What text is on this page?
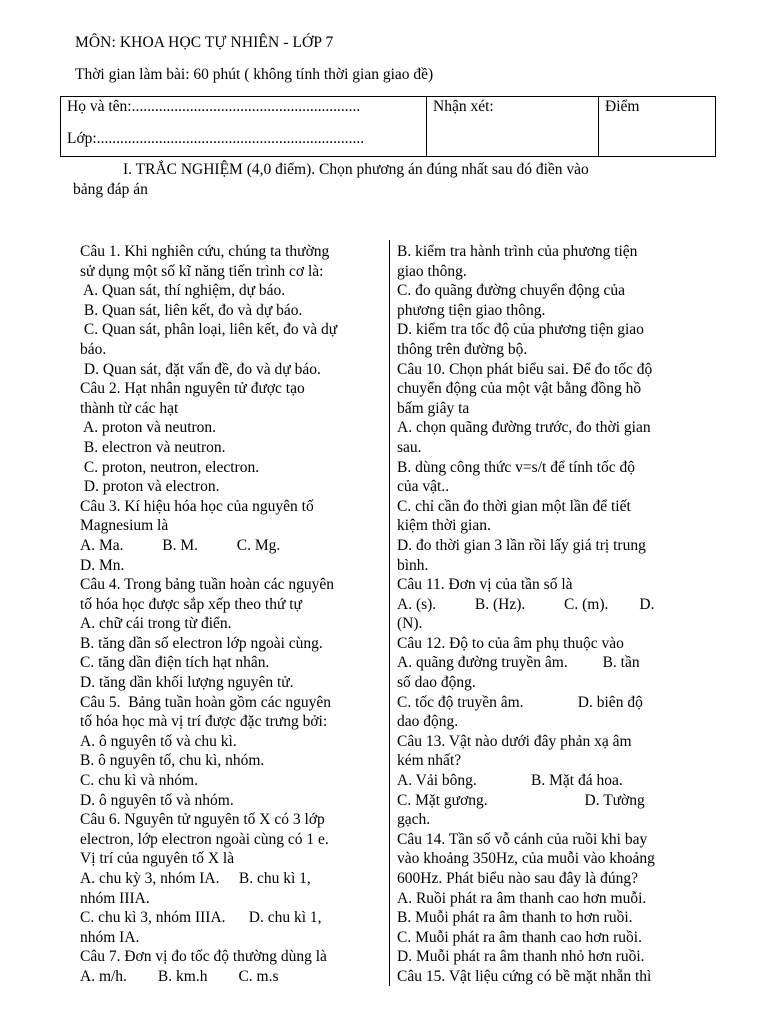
MÔN: KHOA HỌC TỰ NHIÊN - LỚP 7
Thời gian làm bài: 60 phút ( không tính thời gian giao đề)
Họ và tên:...........................................................
Lớp:.....................................................................
Nhận xét:	Điểm
I. TRẮC NGHIỆM (4,0 điểm). Chọn phương án đúng nhất sau đó điền vào
bảng đáp án
Câu 1. Khi nghiên cứu, chúng ta thường
sử dụng một số kĩ năng tiến trình cơ là:
A. Quan sát, thí nghiệm, dự báo.
B. Quan sát, liên kết, đo và dự báo.
C. Quan sát, phân loại, liên kết, đo và dự
báo.
D. Quan sát, đặt vấn đề, đo và dự báo.
Câu 2. Hạt nhân nguyên tử được tạo
thành từ các hạt
A. proton và neutron.
B. electron và neutron.
C. proton, neutron, electron.
D. proton và electron.
Câu 3. Kí hiệu hóa học của nguyên tố
Magnesium là
A. Ma.          B. M.          C. Mg.
D. Mn.
Câu 4. Trong bảng tuần hoàn các nguyên
tố hóa học được sắp xếp theo thứ tự
A. chữ cái trong từ điển.
B. tăng dần số electron lớp ngoài cùng.
C. tăng dần điện tích hạt nhân.
D. tăng dần khối lượng nguyên tử.
Câu 5.  Bảng tuần hoàn gồm các nguyên
tố hóa học mà vị trí được đặc trưng bởi:
A. ô nguyên tố và chu kì.
B. ô nguyên tố, chu kì, nhóm.
C. chu kì và nhóm.
D. ô nguyên tố và nhóm.
Câu 6. Nguyên tử nguyên tố X có 3 lớp
electron, lớp electron ngoài cùng có 1 e.
Vị trí của nguyên tố X là
A. chu kỳ 3, nhóm IA.     B. chu kì 1,
nhóm IIIA.
C. chu kì 3, nhóm IIIA.      D. chu kì 1,
nhóm IA.
Câu 7. Đơn vị đo tốc độ thường dùng là
A. m/h.        B. km.h        C. m.s
B. kiểm tra hành trình của phương tiện
giao thông.
C. đo quãng đường chuyển động của
phương tiện giao thông.
D. kiểm tra tốc độ của phương tiện giao
thông trên đường bộ.
Câu 10. Chọn phát biểu sai. Để đo tốc độ
chuyển động của một vật bằng đồng hồ
bấm giây ta
A. chọn quãng đường trước, đo thời gian
sau.
B. dùng công thức v=s/t để tính tốc độ
của vật..
C. chỉ cần đo thời gian một lần để tiết
kiệm thời gian.
D. đo thời gian 3 lần rồi lấy giá trị trung
bình.
Câu 11. Đơn vị của tần số là
A. (s).          B. (Hz).          C. (m).        D.
(N).
Câu 12. Độ to của âm phụ thuộc vào
A. quãng đường truyền âm.         B. tần
số dao động.
C. tốc độ truyền âm.              D. biên độ
dao động.
Câu 13. Vật nào dưới đây phản xạ âm
kém nhất?
A. Vải bông.              B. Mặt đá hoa.
C. Mặt gương.                         D. Tường
gạch.
Câu 14. Tần số vỗ cánh của ruồi khi bay
vào khoảng 350Hz, của muỗi vào khoảng
600Hz. Phát biểu nào sau đây là đúng?
A. Ruồi phát ra âm thanh cao hơn muỗi.
B. Muỗi phát ra âm thanh to hơn ruồi.
C. Muỗi phát ra âm thanh cao hơn ruồi.
D. Muỗi phát ra âm thanh nhỏ hơn ruồi.
Câu 15. Vật liệu cứng có bề mặt nhẵn thì
